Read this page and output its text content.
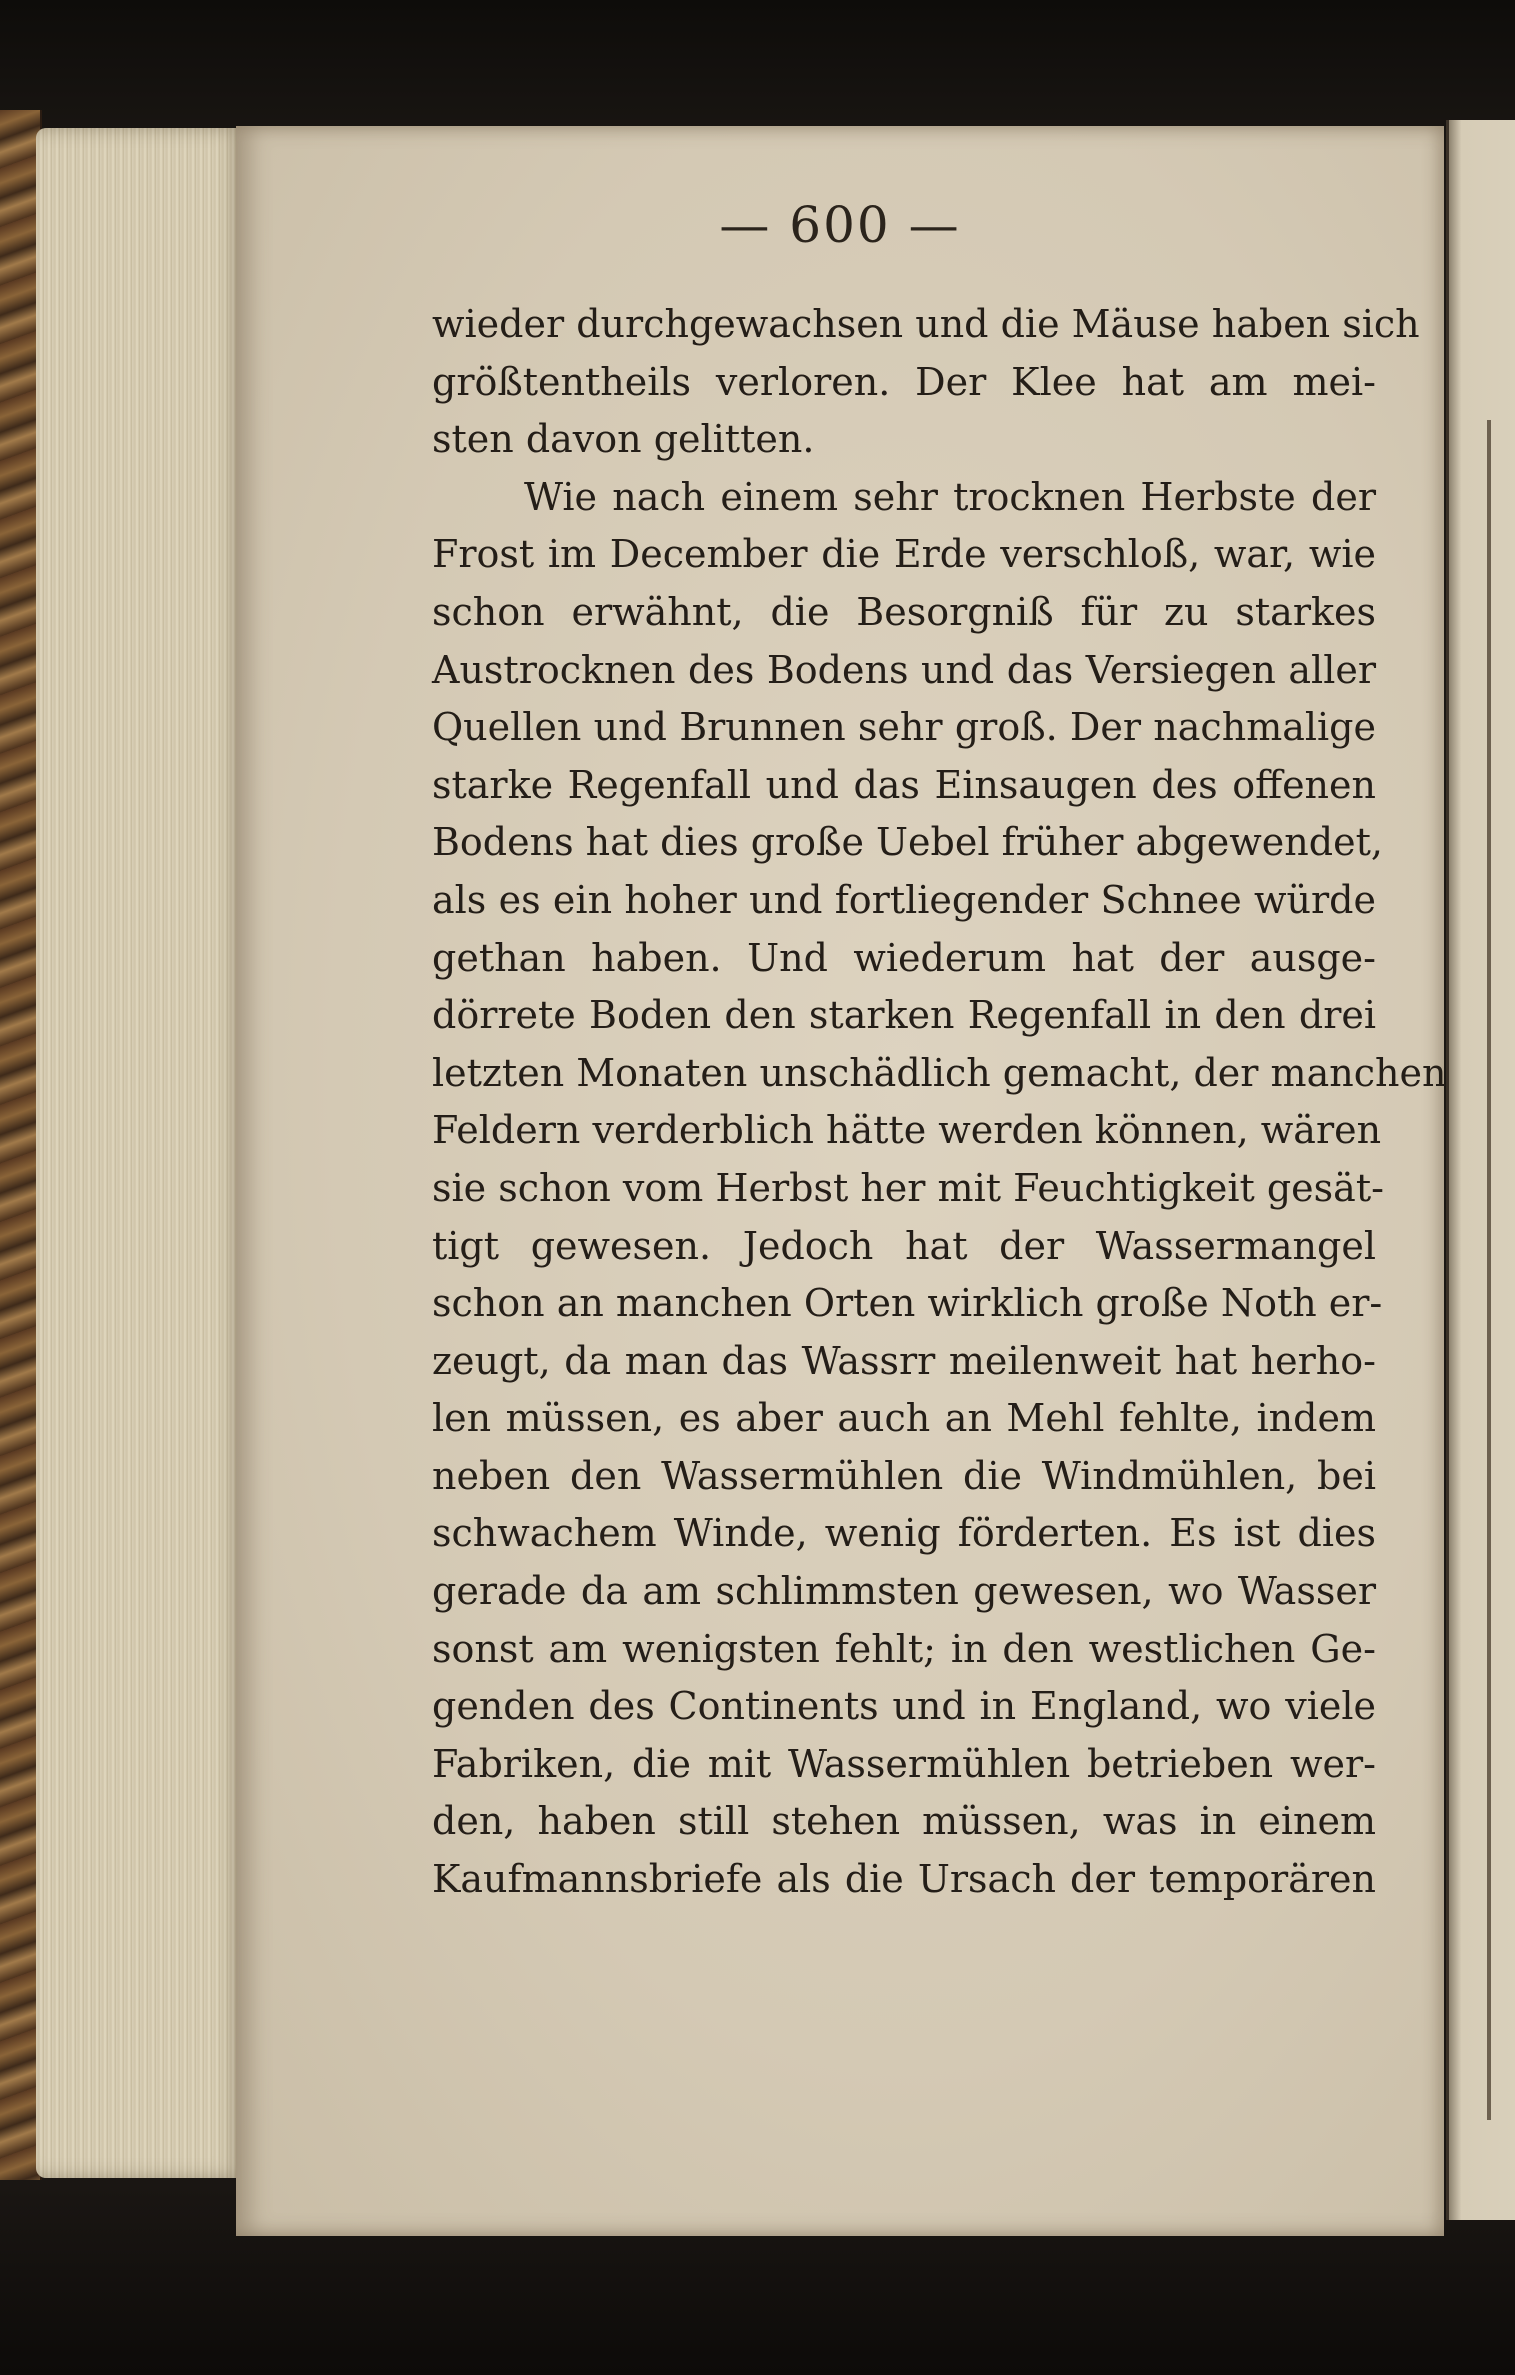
— 600 —
wieder durchgewachsen und die Mäuse haben sich
größtentheils verloren. Der Klee hat am mei-
sten davon gelitten.
Wie nach einem sehr trocknen Herbste der
Frost im December die Erde verschloß, war, wie
schon erwähnt, die Besorgniß für zu starkes
Austrocknen des Bodens und das Versiegen aller
Quellen und Brunnen sehr groß. Der nachmalige
starke Regenfall und das Einsaugen des offenen
Bodens hat dies große Uebel früher abgewendet,
als es ein hoher und fortliegender Schnee würde
gethan haben. Und wiederum hat der ausge-
dörrete Boden den starken Regenfall in den drei
letzten Monaten unschädlich gemacht, der manchen
Feldern verderblich hätte werden können, wären
sie schon vom Herbst her mit Feuchtigkeit gesät-
tigt gewesen. Jedoch hat der Wassermangel
schon an manchen Orten wirklich große Noth er-
zeugt, da man das Wassrr meilenweit hat herho-
len müssen, es aber auch an Mehl fehlte, indem
neben den Wassermühlen die Windmühlen, bei
schwachem Winde, wenig förderten. Es ist dies
gerade da am schlimmsten gewesen, wo Wasser
sonst am wenigsten fehlt; in den westlichen Ge-
genden des Continents und in England, wo viele
Fabriken, die mit Wassermühlen betrieben wer-
den, haben still stehen müssen, was in einem
Kaufmannsbriefe als die Ursach der temporären
